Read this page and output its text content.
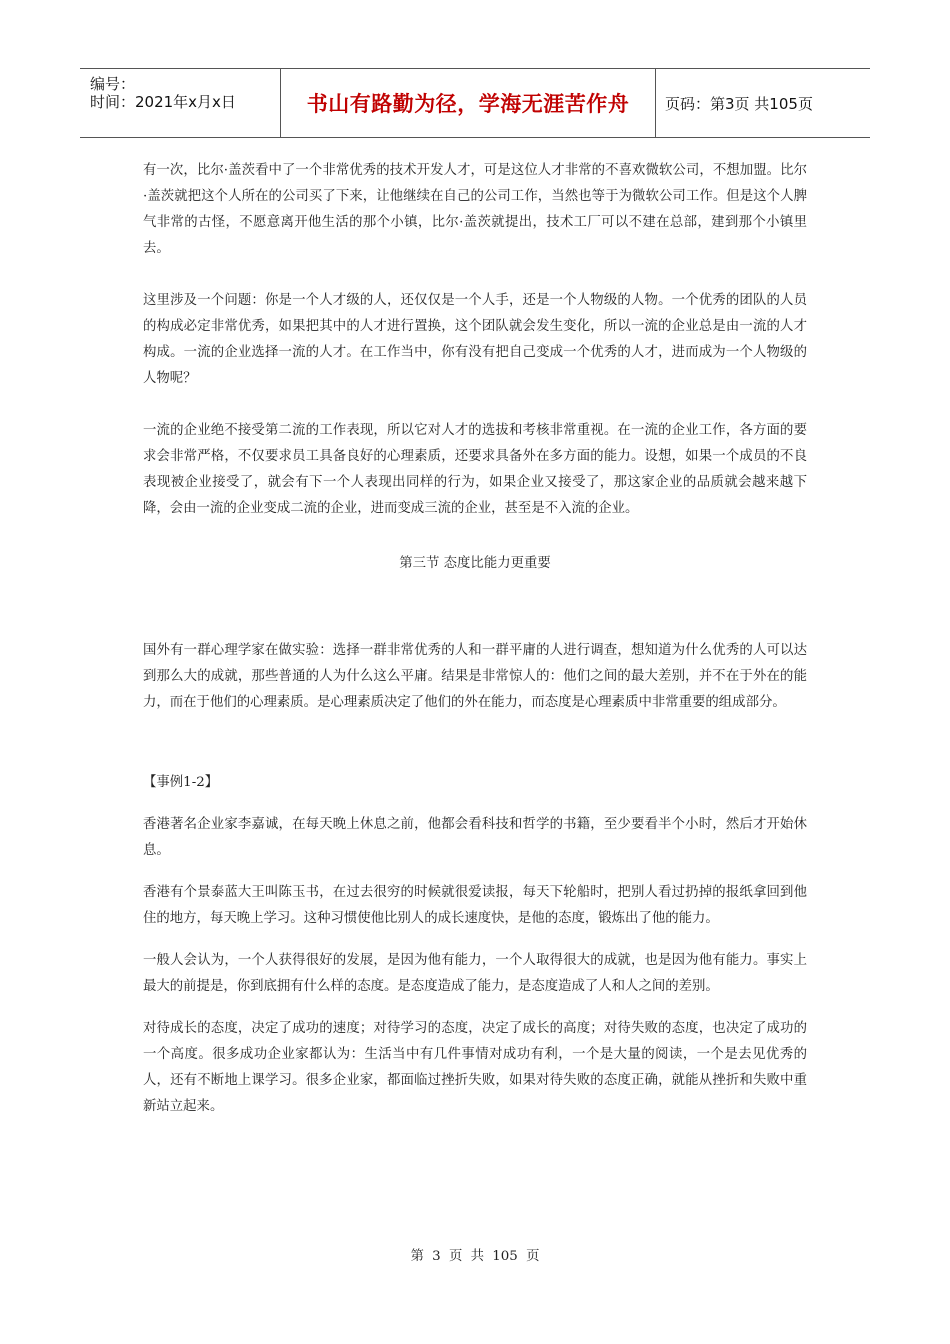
编号：
时间：2021年x月x日	书山有路勤为径，学海无涯苦作舟 页码：第3页 共105页

有一次，比尔·盖茨看中了一个非常优秀的技术开发人才，可是这位人才非常的不喜欢微软公司，不想加盟。比尔·盖茨就把这个人所在的公司买了下来，让他继续在自己的公司工作，当然也等于为微软公司工作。但是这个人脾气非常的古怪，不愿意离开他生活的那个小镇，比尔·盖茨就提出，技术工厂可以不建在总部，建到那个小镇里去。

这里涉及一个问题：你是一个人才级的人，还仅仅是一个人手，还是一个人物级的人物。一个优秀的团队的人员的构成必定非常优秀，如果把其中的人才进行置换，这个团队就会发生变化，所以一流的企业总是由一流的人才构成。一流的企业选择一流的人才。在工作当中，你有没有把自己变成一个优秀的人才，进而成为一个人物级的人物呢？

一流的企业绝不接受第二流的工作表现，所以它对人才的选拔和考核非常重视。在一流的企业工作，各方面的要求会非常严格，不仅要求员工具备良好的心理素质，还要求具备外在多方面的能力。设想，如果一个成员的不良表现被企业接受了，就会有下一个人表现出同样的行为，如果企业又接受了，那这家企业的品质就会越来越下降，会由一流的企业变成二流的企业，进而变成三流的企业，甚至是不入流的企业。

第三节 态度比能力更重要

国外有一群心理学家在做实验：选择一群非常优秀的人和一群平庸的人进行调查，想知道为什么优秀的人可以达到那么大的成就，那些普通的人为什么这么平庸。结果是非常惊人的：他们之间的最大差别，并不在于外在的能力，而在于他们的心理素质。是心理素质决定了他们的外在能力，而态度是心理素质中非常重要的组成部分。

【事例1-2】

香港著名企业家李嘉诚，在每天晚上休息之前，他都会看科技和哲学的书籍，至少要看半个小时，然后才开始休息。

香港有个景泰蓝大王叫陈玉书，在过去很穷的时候就很爱读报，每天下轮船时，把别人看过扔掉的报纸拿回到他住的地方，每天晚上学习。这种习惯使他比别人的成长速度快，是他的态度，锻炼出了他的能力。

一般人会认为，一个人获得很好的发展，是因为他有能力，一个人取得很大的成就，也是因为他有能力。事实上最大的前提是，你到底拥有什么样的态度。是态度造成了能力，是态度造成了人和人之间的差别。

对待成长的态度，决定了成功的速度；对待学习的态度，决定了成长的高度；对待失败的态度，也决定了成功的一个高度。很多成功企业家都认为：生活当中有几件事情对成功有利，一个是大量的阅读，一个是去见优秀的人，还有不断地上课学习。很多企业家，都面临过挫折失败，如果对待失败的态度正确，就能从挫折和失败中重新站立起来。

第 3 页 共 105 页
